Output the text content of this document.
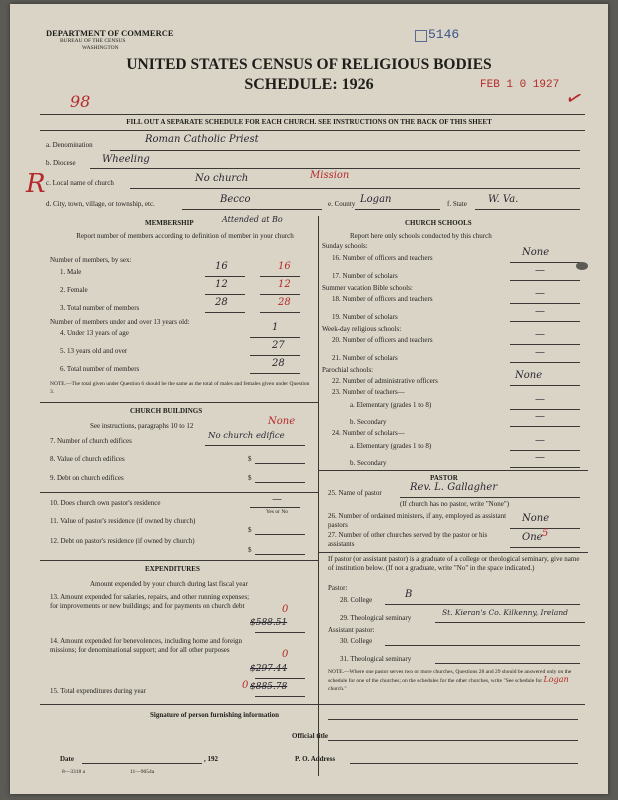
DEPARTMENT OF COMMERCE
BUREAU OF THE CENSUS
WASHINGTON
5146
UNITED STATES CENSUS OF RELIGIOUS BODIES
SCHEDULE: 1926
98
FEB 1 0 1927
✓
FILL OUT A SEPARATE SCHEDULE FOR EACH CHURCH. SEE INSTRUCTIONS ON THE BACK OF THIS SHEET
a. Denomination	Roman Catholic Priest
b. Diocese	Wheeling
R c. Local name of church	No church	Mission
d. City, town, village, or township, etc.	Becco	e. County Logan	f. State W. Va.
MEMBERSHIP	Attended at Bo
Report number of members according to definition of member in your church
Number of members, by sex:
1. Male	16	16
2. Female	12	12
3. Total number of members	28	28
Number of members under and over 13 years old:
4. Under 13 years of age	1
5. 13 years old and over	27
6. Total number of members	28
NOTE.—The total given under Question 6 should be the same as the total of males and females given under Question 3.
CHURCH BUILDINGS
See instructions, paragraphs 10 to 12	None
7. Number of church edifices	No church edifice
8. Value of church edifices	$
9. Debt on church edifices	$
10. Does church own pastor's residence	—
Yes or No
11. Value of pastor's residence (if owned by church)
$
12. Debt on pastor's residence (if owned by church)
$
EXPENDITURES
Amount expended by your church during last fiscal year
13. Amount expended for salaries, repairs, and other running expenses; for improvements or new buildings; and for payments on church debt	0
$588.51
14. Amount expended for benevolences, including home and foreign missions; for denominational support; and for all other purposes	0
$297.44
15. Total expenditures during year	0 $885.78
CHURCH SCHOOLS
Report here only schools conducted by this church
Sunday schools:
16. Number of officers and teachers	None
17. Number of scholars	—
Summer vacation Bible schools:
18. Number of officers and teachers	—
19. Number of scholars	—
Week-day religious schools:
20. Number of officers and teachers	—
21. Number of scholars	—
Parochial schools:
22. Number of administrative officers	None
23. Number of teachers—
a. Elementary (grades 1 to 8)	—
b. Secondary	—
24. Number of scholars—
a. Elementary (grades 1 to 8)	—
b. Secondary	—
PASTOR
25. Name of pastor	Rev. L. Gallagher
(If church has no pastor, write "None")
26. Number of ordained ministers, if any, employed as assistant pastors
None
27. Number of other churches served by the pastor or his assistants
One 5
If pastor (or assistant pastor) is a graduate of a college or theological seminary, give name of institution below. (If not a graduate, write "No" in the space indicated.)
Pastor:
28. College	B
29. Theological seminary
St. Kieran's Co. Kilkenny, Ireland
Assistant pastor:
30. College
31. Theological seminary
NOTE.—Where one pastor serves two or more churches, Questions 28 and 29 should be answered only on the schedule for one of the churches; on the schedules for the other churches, write "See schedule for Logan church."
Signature of person furnishing information
Official title
Date	, 192	P. O. Address
8—3318 a	11—9654a
